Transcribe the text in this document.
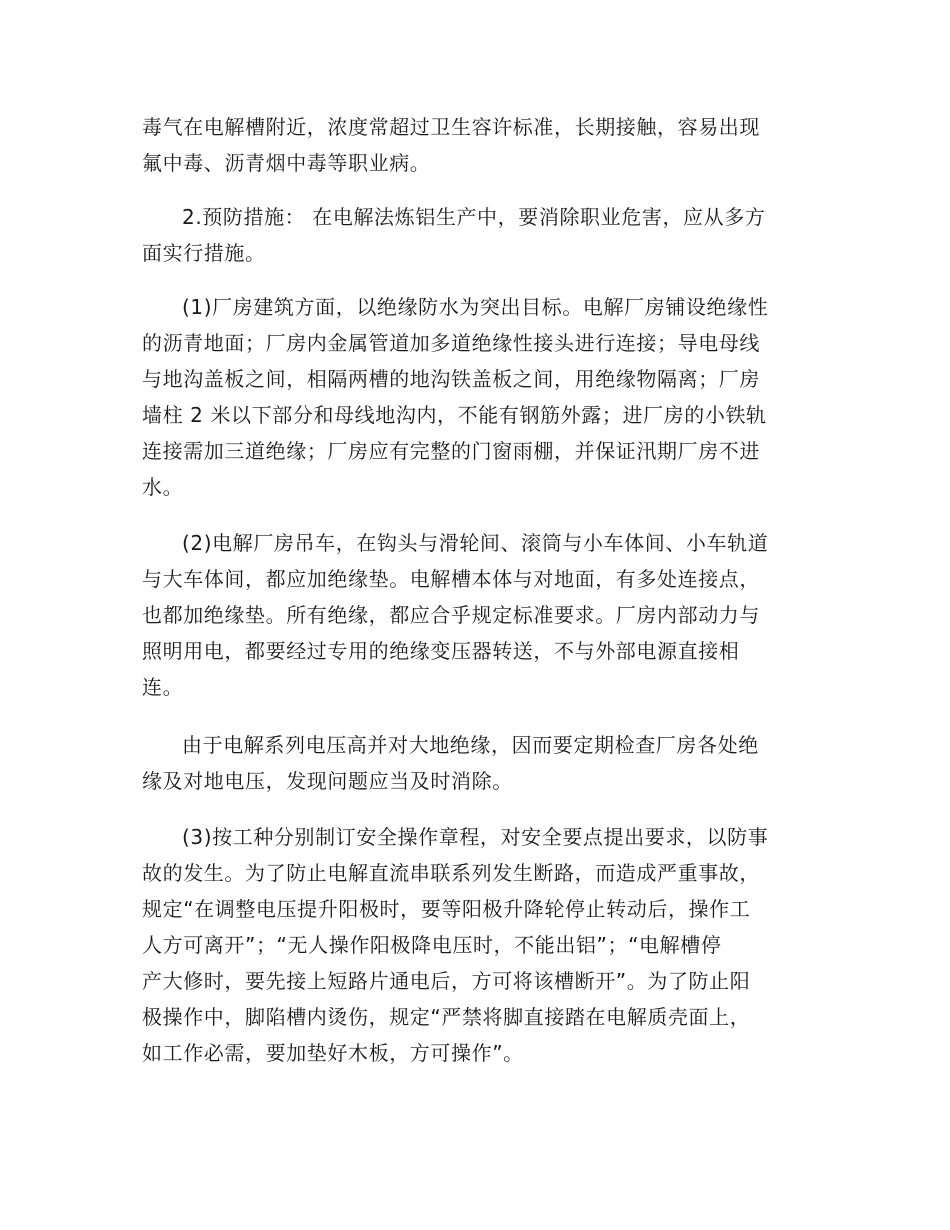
毒气在电解槽附近，浓度常超过卫生容许标准，长期接触，容易出现

氟中毒、沥青烟中毒等职业病。

2.预防措施： 在电解法炼铝生产中，要消除职业危害，应从多方

面实行措施。

(1)厂房建筑方面，以绝缘防水为突出目标。电解厂房铺设绝缘性

的沥青地面；厂房内金属管道加多道绝缘性接头进行连接；导电母线

与地沟盖板之间，相隔两槽的地沟铁盖板之间，用绝缘物隔离；厂房

墙柱 2 米以下部分和母线地沟内，不能有钢筋外露；进厂房的小铁轨

连接需加三道绝缘；厂房应有完整的门窗雨棚，并保证汛期厂房不进

水。

(2)电解厂房吊车，在钩头与滑轮间、滚筒与小车体间、小车轨道

与大车体间，都应加绝缘垫。电解槽本体与对地面，有多处连接点，

也都加绝缘垫。所有绝缘，都应合乎规定标准要求。厂房内部动力与

照明用电，都要经过专用的绝缘变压器转送，不与外部电源直接相

连。

由于电解系列电压高并对大地绝缘，因而要定期检查厂房各处绝

缘及对地电压，发现问题应当及时消除。

(3)按工种分别制订安全操作章程，对安全要点提出要求，以防事

故的发生。为了防止电解直流串联系列发生断路，而造成严重事故，

规定“在调整电压提升阳极时，要等阳极升降轮停止转动后，操作工

人方可离开”；“无人操作阳极降电压时，不能出铝”；“电解槽停

产大修时，要先接上短路片通电后，方可将该槽断开”。为了防止阳

极操作中，脚陷槽内烫伤，规定“严禁将脚直接踏在电解质壳面上，

如工作必需，要加垫好木板，方可操作”。
